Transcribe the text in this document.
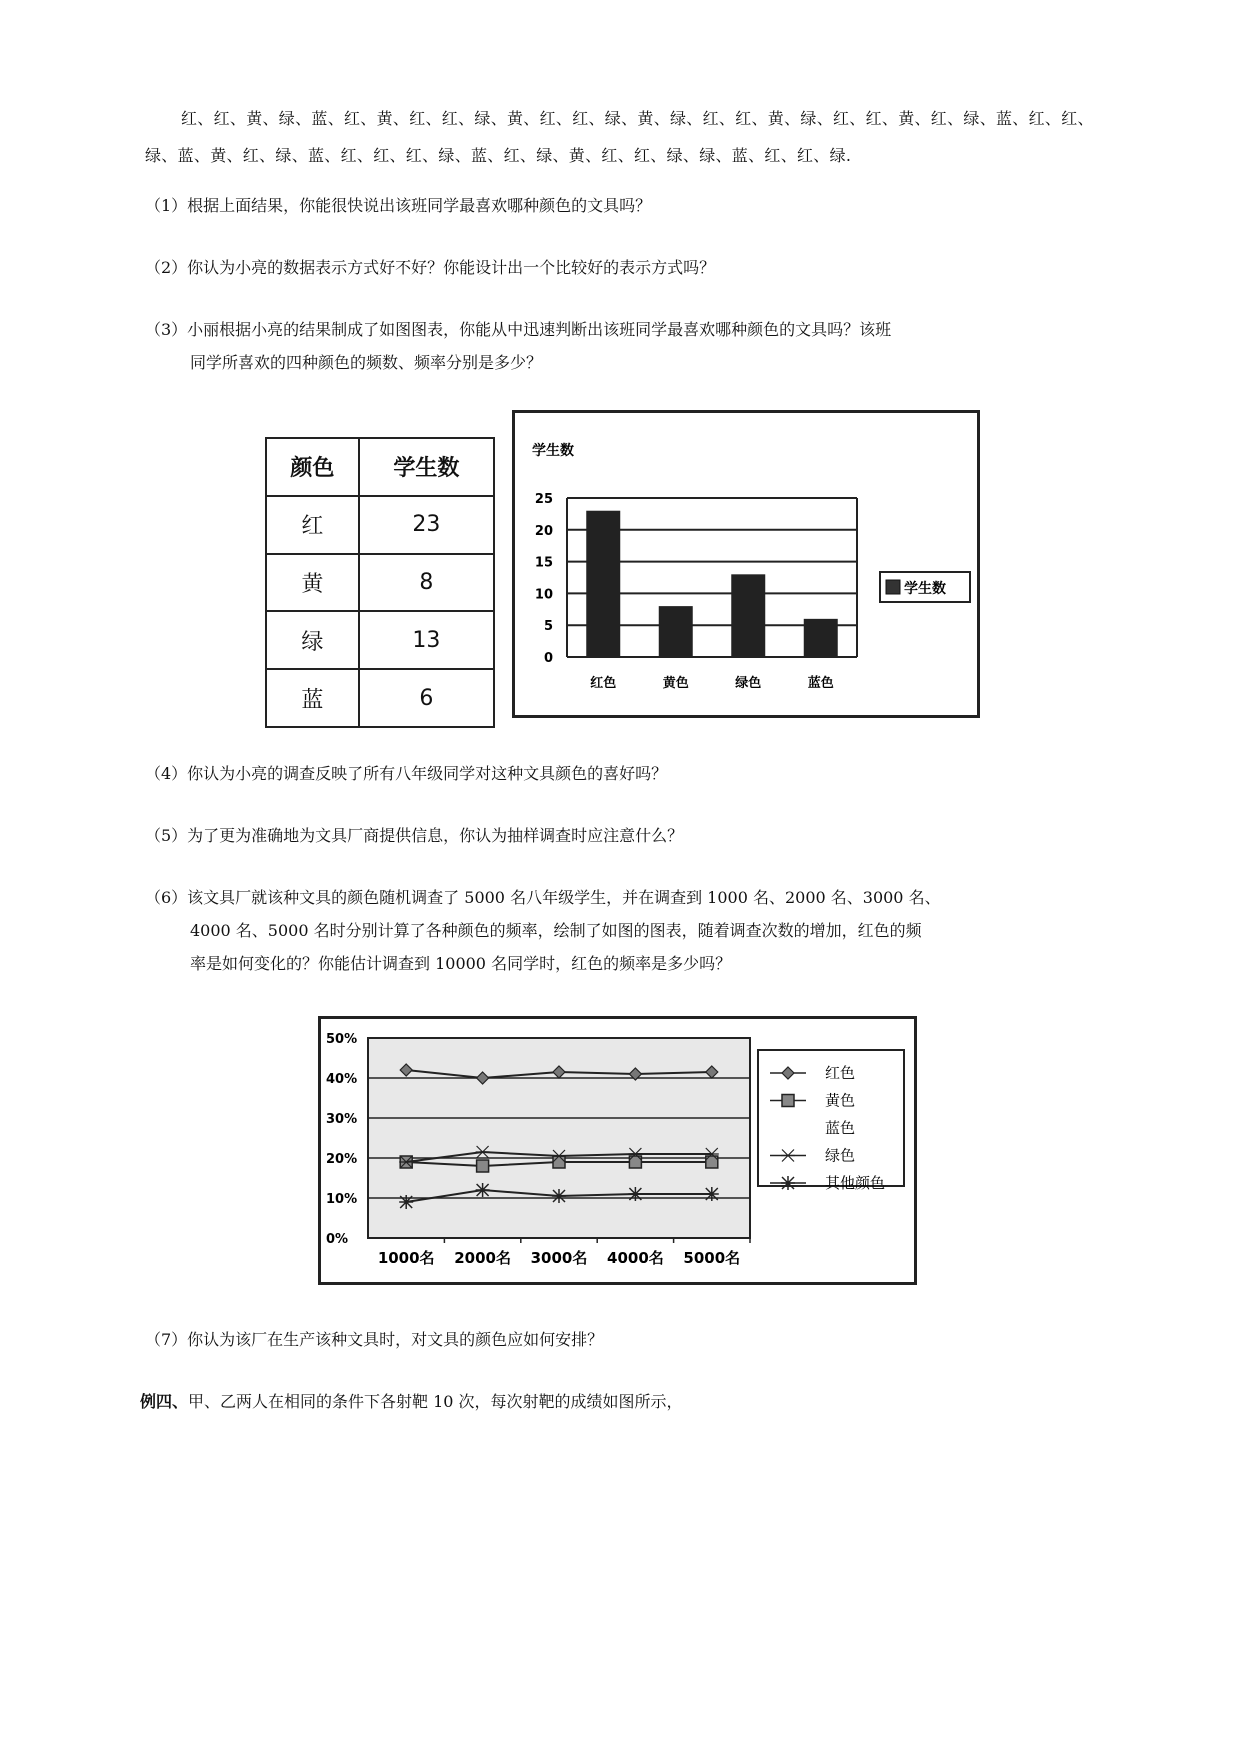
红、红、黄、绿、蓝、红、黄、红、红、绿、黄、红、红、绿、黄、绿、红、红、黄、绿、红、红、黄、红、绿、蓝、红、红、绿、蓝、黄、红、绿、蓝、红、红、红、绿、蓝、红、绿、黄、红、红、绿、绿、蓝、红、红、绿.

（1）根据上面结果，你能很快说出该班同学最喜欢哪种颜色的文具吗？

（2）你认为小亮的数据表示方式好不好？你能设计出一个比较好的表示方式吗？

（3）小丽根据小亮的结果制成了如图图表，你能从中迅速判断出该班同学最喜欢哪种颜色的文具吗？该班

同学所喜欢的四种颜色的频数、频率分别是多少？

颜色	学生数
红	23
黄	8
绿	13
蓝	6
学生数
0
5
10
15
20
25
红色	黄色	绿色	蓝色
学生数

（4）你认为小亮的调查反映了所有八年级同学对这种文具颜色的喜好吗？

（5）为了更为准确地为文具厂商提供信息，你认为抽样调查时应注意什么？

（6）该文具厂就该种文具的颜色随机调查了 5000 名八年级学生，并在调查到 1000 名、2000 名、3000 名、

4000 名、5000 名时分别计算了各种颜色的频率，绘制了如图的图表，随着调查次数的增加，红色的频

率是如何变化的？你能估计调查到 10000 名同学时，红色的频率是多少吗？

0%
10%
20%
30%
40%
50%
1000名 2000名 3000名 4000名 5000名
红色
黄色
蓝色
绿色
其他颜色

（7）你认为该厂在生产该种文具时，对文具的颜色应如何安排？

例四、甲、乙两人在相同的条件下各射靶 10 次，每次射靶的成绩如图所示，
